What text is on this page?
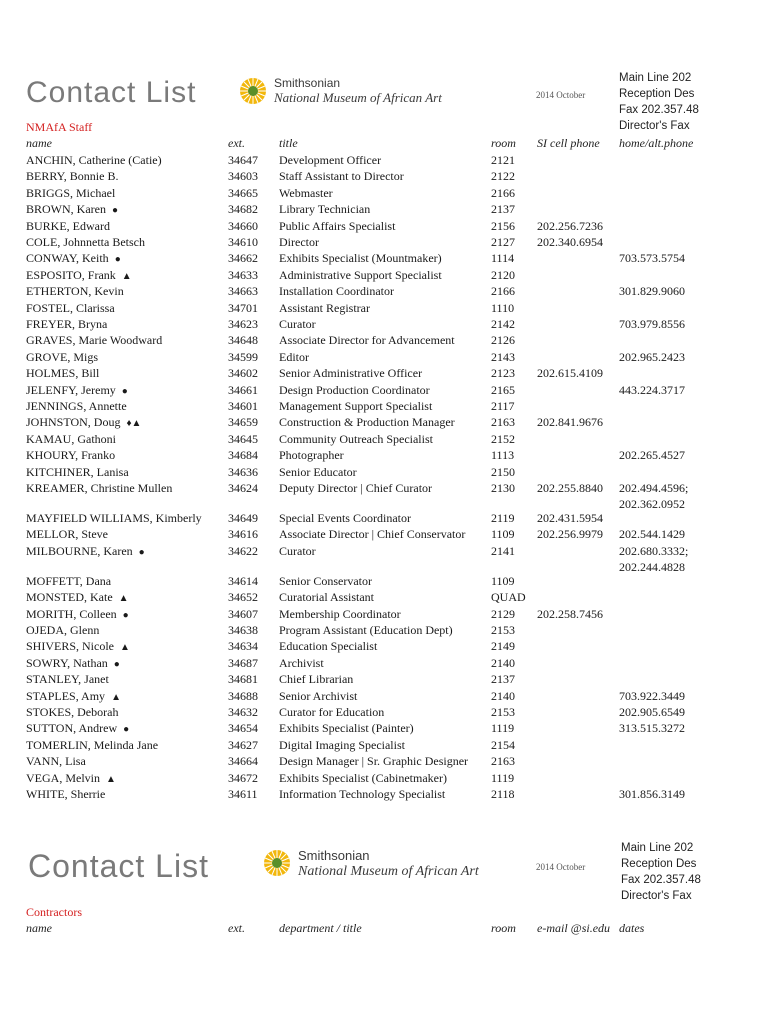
Contact List	Smithsonian
National Museum of African Art	2014 October
Main Line 202
Reception Des
Fax 202.357.48
Director's Fax
NMAfA Staff
name	ext.	title	room SI cell phone home/alt.phone
ANCHIN, Catherine (Catie)	34647 Development Officer	2121
BERRY, Bonnie B.	34603 Staff Assistant to Director	2122
BRIGGS, Michael	34665 Webmaster	2166
BROWN, Karen ●	34682 Library Technician	2137
BURKE, Edward	34660 Public Affairs Specialist	2156 202.256.7236
COLE, Johnnetta Betsch	34610 Director	2127 202.340.6954
CONWAY, Keith ●	34662 Exhibits Specialist (Mountmaker)	1114	703.573.5754
ESPOSITO, Frank ▲	34633 Administrative Support Specialist	2120
ETHERTON, Kevin	34663 Installation Coordinator	2166	301.829.9060
FOSTEL, Clarissa	34701 Assistant Registrar	1110
FREYER, Bryna	34623 Curator	2142	703.979.8556
GRAVES, Marie Woodward	34648 Associate Director for Advancement	2126
GROVE, Migs	34599 Editor	2143	202.965.2423
HOLMES, Bill	34602 Senior Administrative Officer	2123 202.615.4109
JELENFY, Jeremy ●	34661 Design Production Coordinator	2165	443.224.3717
JENNINGS, Annette	34601 Management Support Specialist	2117
JOHNSTON, Doug ♦▲	34659 Construction & Production Manager	2163 202.841.9676
KAMAU, Gathoni	34645 Community Outreach Specialist	2152
KHOURY, Franko	34684 Photographer	1113	202.265.4527
KITCHINER, Lanisa	34636 Senior Educator	2150
KREAMER, Christine Mullen	34624 Deputy Director | Chief Curator	2130 202.255.8840 202.494.4596;
202.362.0952
MAYFIELD WILLIAMS, Kimberly 34649 Special Events Coordinator	2119 202.431.5954
MELLOR, Steve	34616 Associate Director | Chief Conservator 1109 202.256.9979 202.544.1429
MILBOURNE, Karen ●	34622 Curator	2141	202.680.3332;
202.244.4828
MOFFETT, Dana	34614 Senior Conservator	1109
MONSTED, Kate ▲	34652 Curatorial Assistant	QUAD
MORITH, Colleen ●	34607 Membership Coordinator	2129 202.258.7456
OJEDA, Glenn	34638 Program Assistant (Education Dept)	2153
SHIVERS, Nicole ▲	34634 Education Specialist	2149
SOWRY, Nathan ●	34687 Archivist	2140
STANLEY, Janet	34681 Chief Librarian	2137
STAPLES, Amy ▲	34688 Senior Archivist	2140	703.922.3449
STOKES, Deborah	34632 Curator for Education	2153	202.905.6549
SUTTON, Andrew ●	34654 Exhibits Specialist (Painter)	1119	313.515.3272
TOMERLIN, Melinda Jane	34627 Digital Imaging Specialist	2154
VANN, Lisa	34664 Design Manager | Sr. Graphic Designer 2163
VEGA, Melvin ▲	34672 Exhibits Specialist (Cabinetmaker)	1119
WHITE, Sherrie	34611 Information Technology Specialist	2118	301.856.3149
Contact List	Smithsonian
National Museum of African Art	2014 October
Main Line 202
Reception Des
Fax 202.357.48
Director's Fax
Contractors
name	ext.	department / title	room e-mail @si.edu dates
